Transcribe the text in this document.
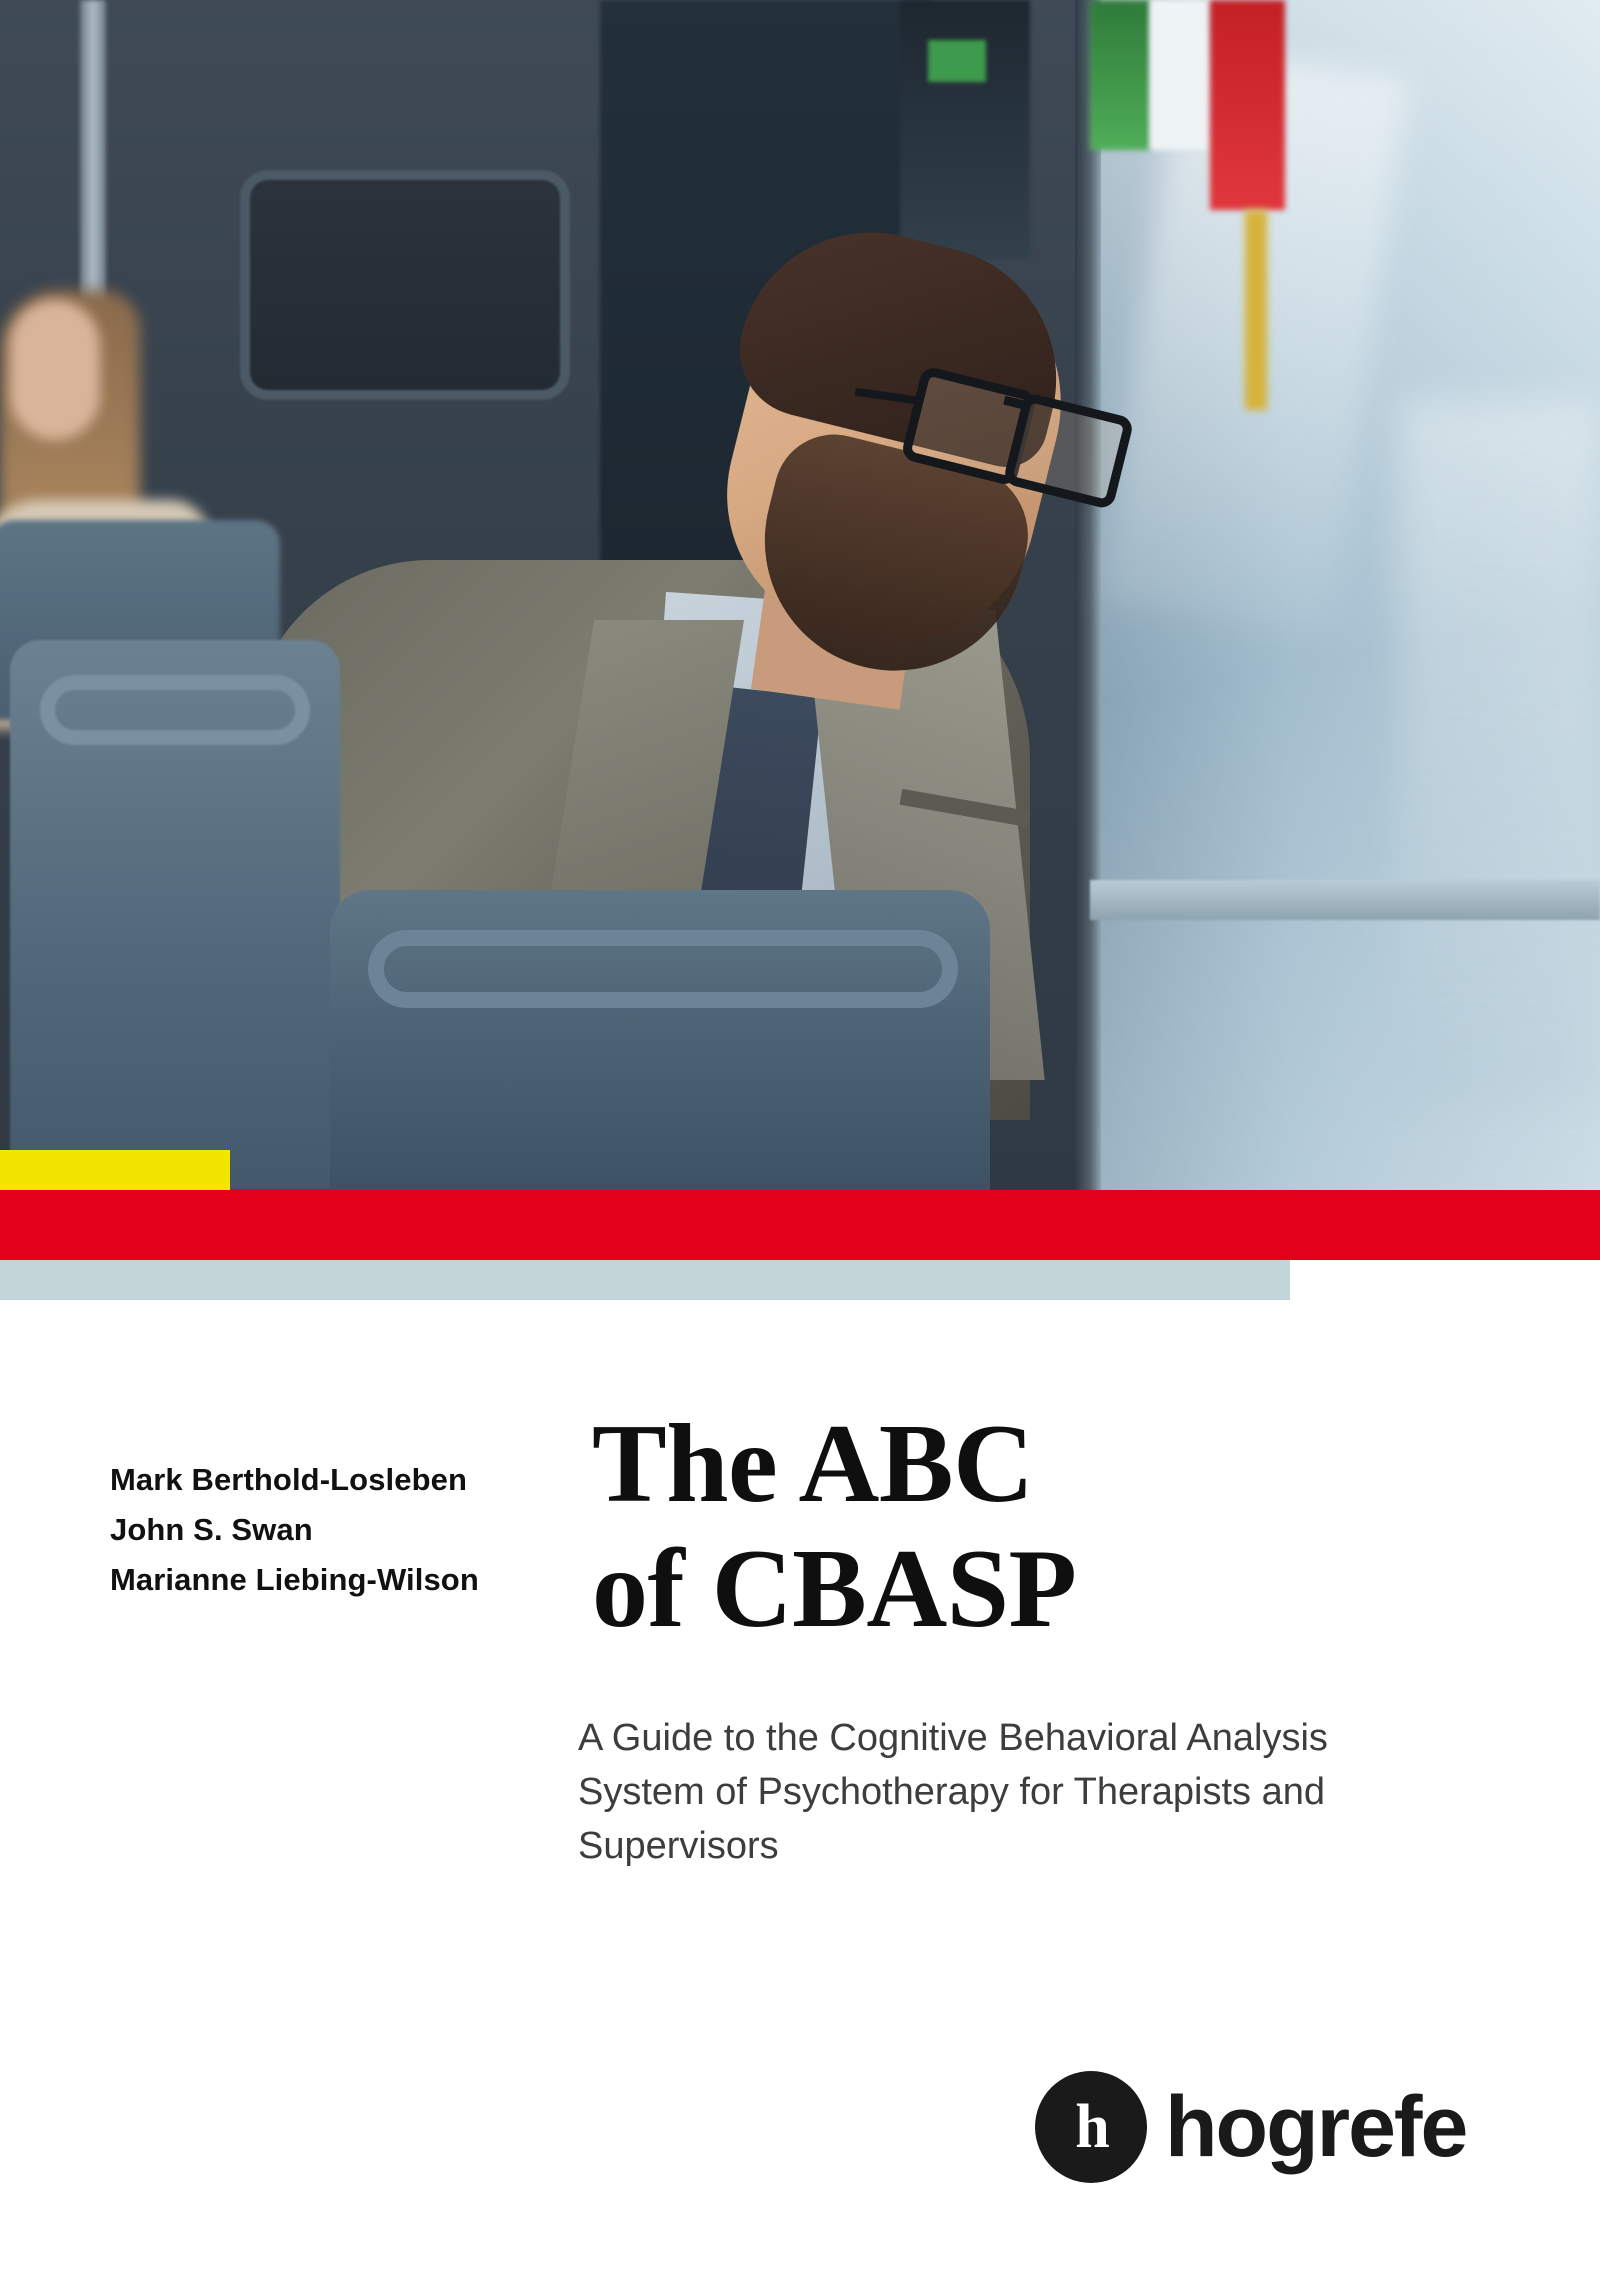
Mark Berthold-Losleben
John S. Swan
Marianne Liebing-Wilson
The ABC
of CBASP
A Guide to the Cognitive Behavioral Analysis System of Psychotherapy for Therapists and Supervisors
h hogrefe
